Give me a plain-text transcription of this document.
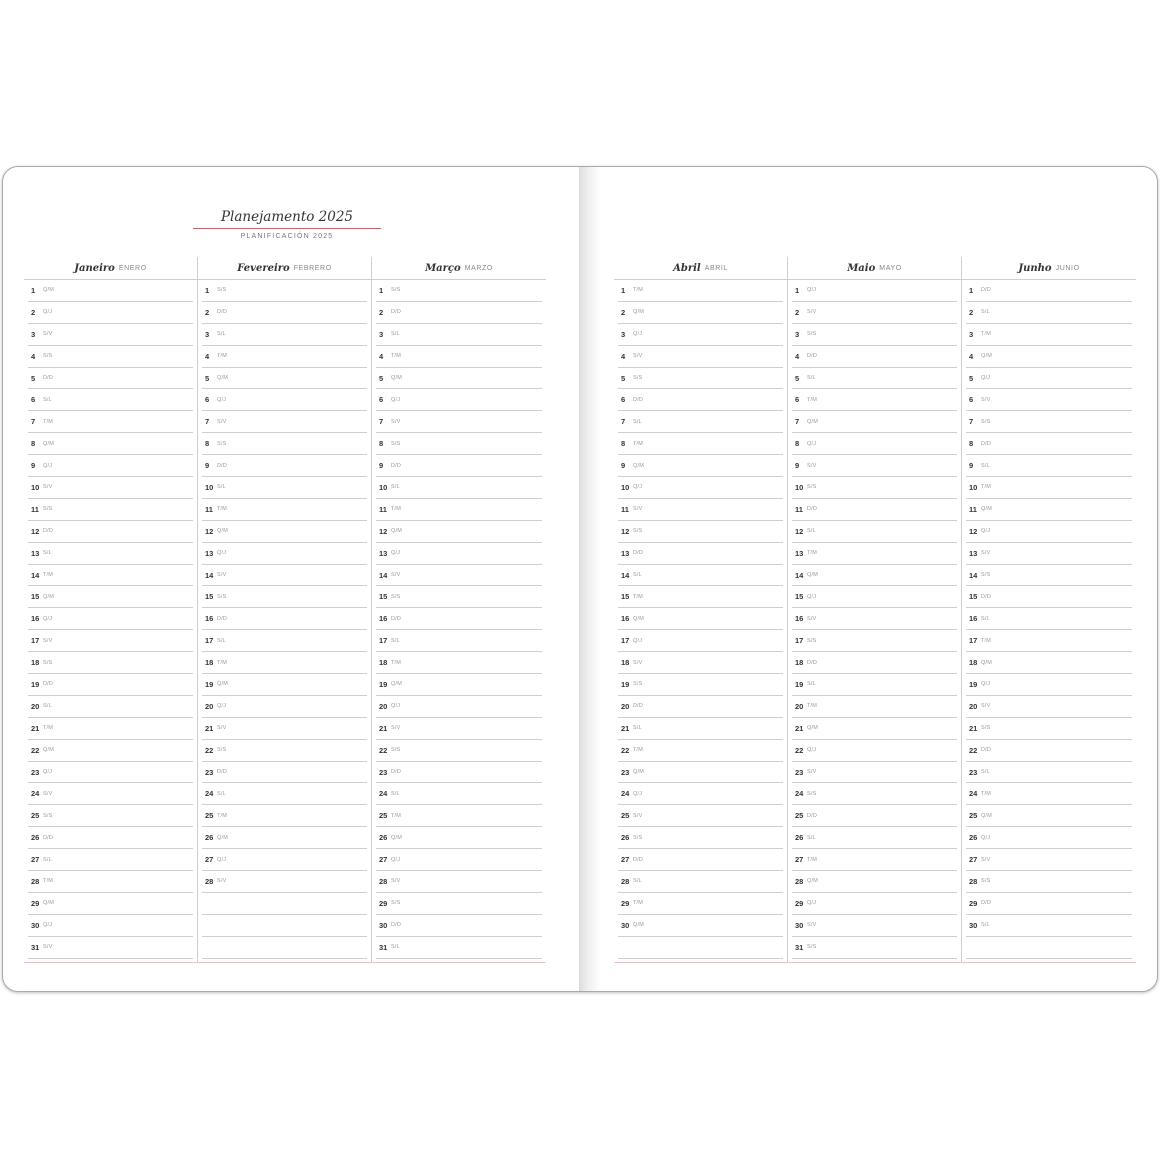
Planejamento 2025
PLANIFICACIÓN 2025
Janeiro ENERO
1	Q/M
2	Q/J
3	S/V
4	S/S
5	D/D
6	S/L
7	T/M
8	Q/M
9	Q/J
10 S/V
11 S/S
12 D/D
13 S/L
14 T/M
15 Q/M
16 Q/J
17 S/V
18 S/S
19 D/D
20 S/L
21 T/M
22 Q/M
23 Q/J
24 S/V
25 S/S
26 D/D
27 S/L
28 T/M
29 Q/M
30 Q/J
31 S/V
Fevereiro FEBRERO
1	S/S
2	D/D
3	S/L
4	T/M
5	Q/M
6	Q/J
7	S/V
8	S/S
9	D/D
10 S/L
11 T/M
12 Q/M
13 Q/J
14 S/V
15 S/S
16 D/D
17 S/L
18 T/M
19 Q/M
20 Q/J
21 S/V
22 S/S
23 D/D
24 S/L
25 T/M
26 Q/M
27 Q/J
28 S/V
Março MARZO
1	S/S
2	D/D
3	S/L
4	T/M
5	Q/M
6	Q/J
7	S/V
8	S/S
9	D/D
10 S/L
11 T/M
12 Q/M
13 Q/J
14 S/V
15 S/S
16 D/D
17 S/L
18 T/M
19 Q/M
20 Q/J
21 S/V
22 S/S
23 D/D
24 S/L
25 T/M
26 Q/M
27 Q/J
28 S/V
29 S/S
30 D/D
31 S/L
Abril ABRIL
1	T/M
2	Q/M
3	Q/J
4	S/V
5	S/S
6	D/D
7	S/L
8	T/M
9	Q/M
10 Q/J
11 S/V
12 S/S
13 D/D
14 S/L
15 T/M
16 Q/M
17 Q/J
18 S/V
19 S/S
20 D/D
21 S/L
22 T/M
23 Q/M
24 Q/J
25 S/V
26 S/S
27 D/D
28 S/L
29 T/M
30 Q/M
Maio MAYO
1	Q/J
2	S/V
3	S/S
4	D/D
5	S/L
6	T/M
7	Q/M
8	Q/J
9	S/V
10 S/S
11 D/D
12 S/L
13 T/M
14 Q/M
15 Q/J
16 S/V
17 S/S
18 D/D
19 S/L
20 T/M
21 Q/M
22 Q/J
23 S/V
24 S/S
25 D/D
26 S/L
27 T/M
28 Q/M
29 Q/J
30 S/V
31 S/S
Junho JUNIO
1	D/D
2	S/L
3	T/M
4	Q/M
5	Q/J
6	S/V
7	S/S
8	D/D
9	S/L
10 T/M
11 Q/M
12 Q/J
13 S/V
14 S/S
15 D/D
16 S/L
17 T/M
18 Q/M
19 Q/J
20 S/V
21 S/S
22 D/D
23 S/L
24 T/M
25 Q/M
26 Q/J
27 S/V
28 S/S
29 D/D
30 S/L
